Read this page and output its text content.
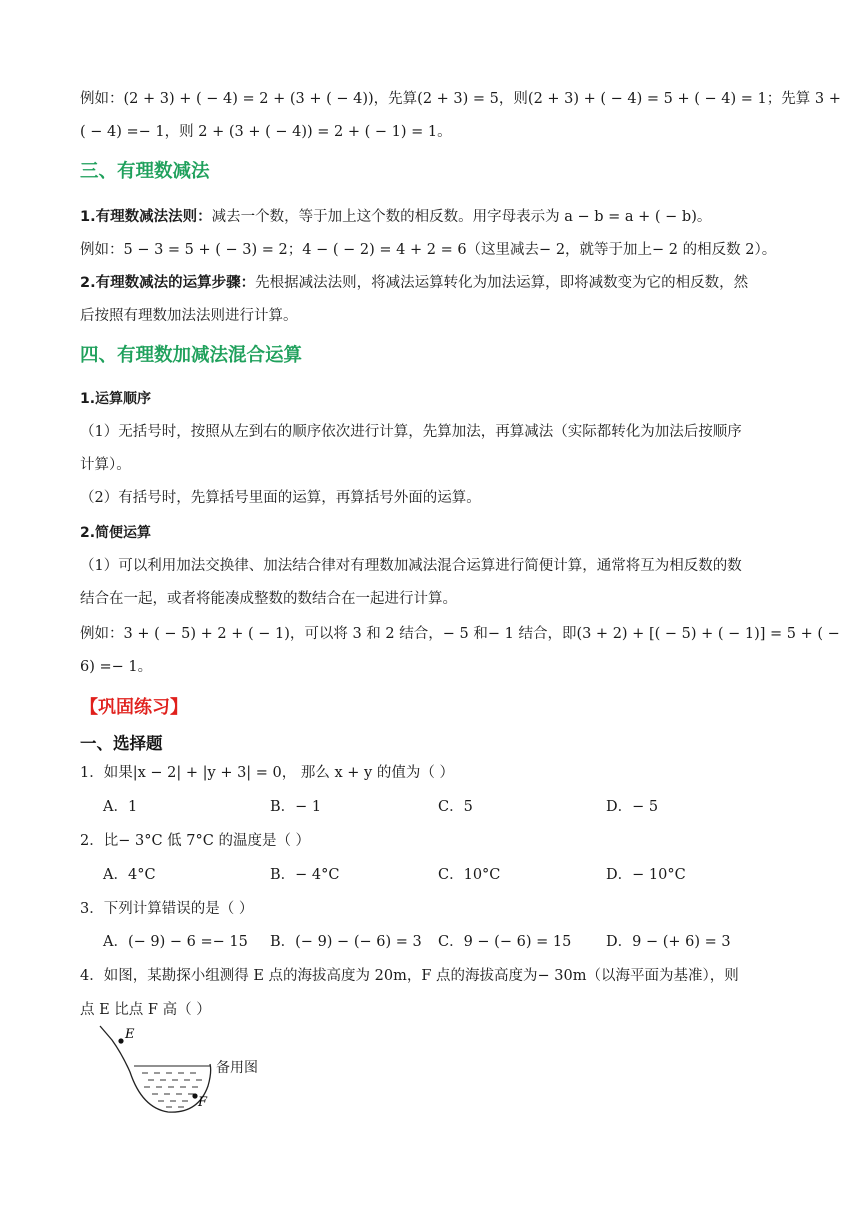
例如：(2 + 3) + ( − 4) = 2 + (3 + ( − 4))，先算(2 + 3) = 5，则(2 + 3) + ( − 4) = 5 + ( − 4) = 1；先算 3 +
( − 4) =− 1，则 2 + (3 + ( − 4)) = 2 + ( − 1) = 1。
三、有理数减法
1.有理数减法法则：减去一个数，等于加上这个数的相反数。用字母表示为 a − b = a + ( − b)。
例如：5 − 3 = 5 + ( − 3) = 2；4 − ( − 2) = 4 + 2 = 6（这里减去− 2，就等于加上− 2 的相反数 2）。
2.有理数减法的运算步骤：先根据减法法则，将减法运算转化为加法运算，即将减数变为它的相反数，然
后按照有理数加法法则进行计算。
四、有理数加减法混合运算
1.运算顺序
（1）无括号时，按照从左到右的顺序依次进行计算，先算加法，再算减法（实际都转化为加法后按顺序
计算）。
（2）有括号时，先算括号里面的运算，再算括号外面的运算。
2.简便运算
（1）可以利用加法交换律、加法结合律对有理数加减法混合运算进行简便计算，通常将互为相反数的数
结合在一起，或者将能凑成整数的数结合在一起进行计算。
例如：3 + ( − 5) + 2 + ( − 1)，可以将 3 和 2 结合，− 5 和− 1 结合，即(3 + 2) + [( − 5) + ( − 1)] = 5 + ( −
6) =− 1。
【巩固练习】
一、选择题
1．如果|x − 2| + |y + 3| = 0， 那么 x + y 的值为（ ）
A．1	B．− 1	C．5	D．− 5
2．比− 3°C 低 7°C 的温度是（ ）
A．4°C	B．− 4°C	C．10°C	D．− 10°C
3．下列计算错误的是（ ）
A．(− 9) − 6 =− 15 B．(− 9) − (− 6) = 3 C．9 − (− 6) = 15 D．9 − (+ 6) = 3
4．如图，某勘探小组测得 E 点的海拔高度为 20m，F 点的海拔高度为− 30m（以海平面为基准），则
点 E 比点 F 高（ ）
E
F
备用图
